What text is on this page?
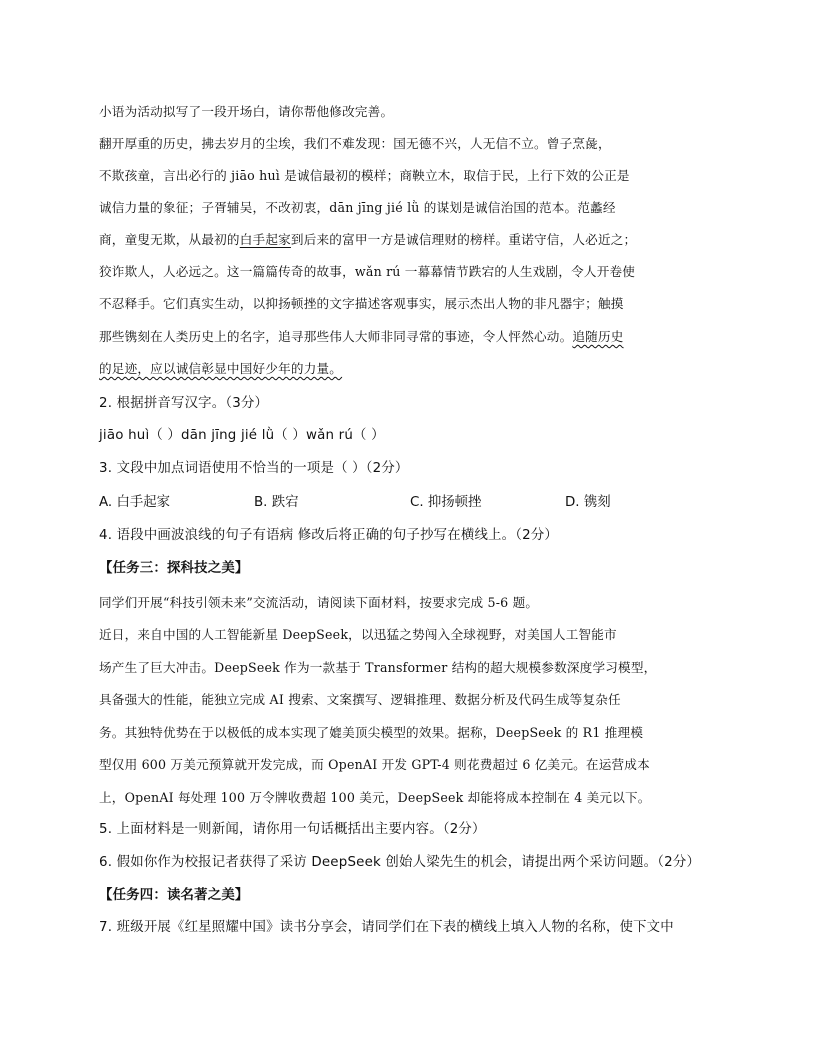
小语为活动拟写了一段开场白，请你帮他修改完善。
翻开厚重的历史，拂去岁月的尘埃，我们不难发现：国无德不兴，人无信不立。曾子烹彘，
不欺孩童，言出必行的 jiāo huì 是诚信最初的模样；商鞅立木，取信于民，上行下效的公正是
诚信力量的象征；子胥辅吴，不改初衷，dān jīng jié lǜ 的谋划是诚信治国的范本。范蠡经
商，童叟无欺，从最初的白手起家到后来的富甲一方是诚信理财的榜样。重诺守信，人必近之；
狡诈欺人，人必远之。这一篇篇传奇的故事，wǎn rú 一幕幕情节跌宕的人生戏剧，令人开卷使
不忍释手。它们真实生动，以抑扬顿挫的文字描述客观事实，展示杰出人物的非凡器宇；触摸
那些镌刻在人类历史上的名字，追寻那些伟人大师非同寻常的事迹，令人怦然心动。追随历史
的足迹，应以诚信彰显中国好少年的力量。
2. 根据拼音写汉字。（3分）
jiāo huì（ ）dān jīng jié lǜ（ ）wǎn rú（ ）
3. 文段中加点词语使用不恰当的一项是（ ）（2分）
A. 白手起家	B. 跌宕	C. 抑扬顿挫	D. 镌刻
4. 语段中画波浪线的句子有语病 修改后将正确的句子抄写在横线上。（2分）
【任务三：探科技之美】
同学们开展“科技引领未来”交流活动，请阅读下面材料，按要求完成 5-6 题。
近日，来自中国的人工智能新星 DeepSeek，以迅猛之势闯入全球视野，对美国人工智能市
场产生了巨大冲击。DeepSeek 作为一款基于 Transformer 结构的超大规模参数深度学习模型，
具备强大的性能，能独立完成 AI 搜索、文案撰写、逻辑推理、数据分析及代码生成等复杂任
务。其独特优势在于以极低的成本实现了媲美顶尖模型的效果。据称，DeepSeek 的 R1 推理模
型仅用 600 万美元预算就开发完成，而 OpenAI 开发 GPT-4 则花费超过 6 亿美元。在运营成本
上，OpenAI 每处理 100 万令牌收费超 100 美元，DeepSeek 却能将成本控制在 4 美元以下。
5. 上面材料是一则新闻，请你用一句话概括出主要内容。（2分）
6. 假如你作为校报记者获得了采访 DeepSeek 创始人梁先生的机会，请提出两个采访问题。（2分）
【任务四：读名著之美】
7. 班级开展《红星照耀中国》读书分享会，请同学们在下表的横线上填入人物的名称，使下文中
